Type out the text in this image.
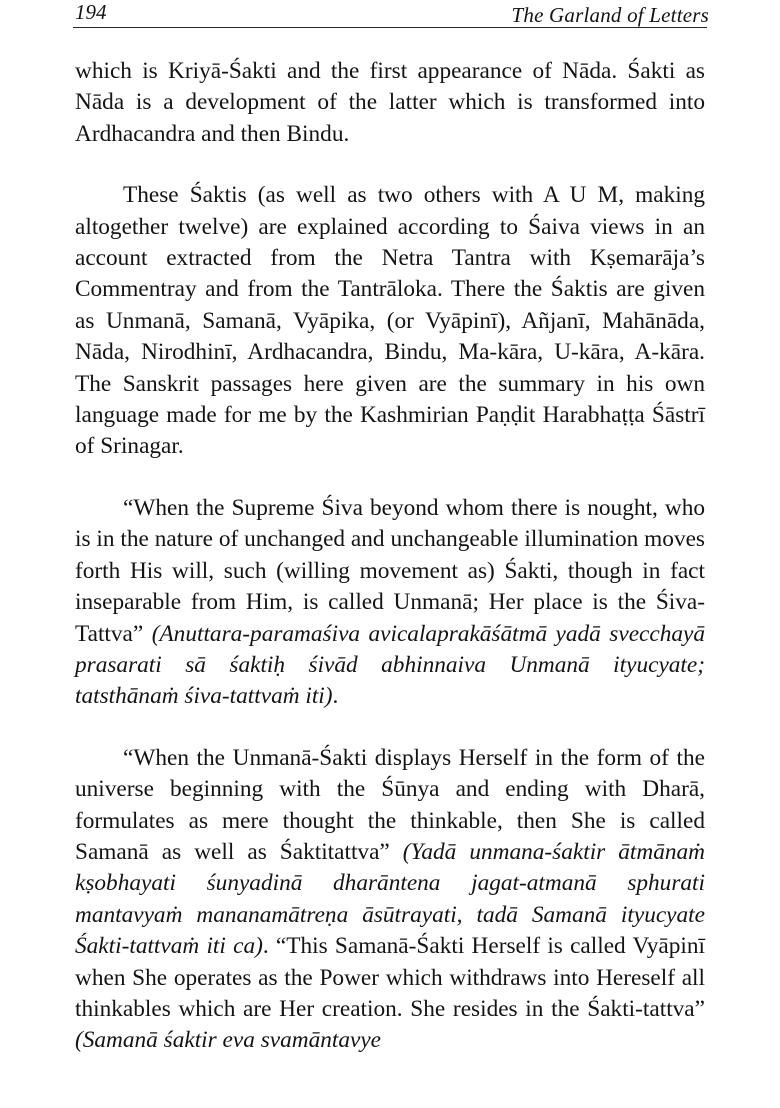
194	The Garland of Letters

which is Kriyā-Śakti and the first appearance of Nāda. Śakti as Nāda is a development of the latter which is transformed into Ardhacandra and then Bindu.

These Śaktis (as well as two others with A U M, making altogether twelve) are explained according to Śaiva views in an account extracted from the Netra Tantra with Kṣemarāja’s Commentray and from the Tantrāloka. There the Śaktis are given as Unmanā, Samanā, Vyāpika, (or Vyāpinī), Añjanī, Mahānāda, Nāda, Nirodhinī, Ardhacandra, Bindu, Ma-kāra, U-kāra, A-kāra. The Sanskrit passages here given are the summary in his own language made for me by the Kashmirian Paṇḍit Harabhaṭṭa Śāstrī of Srinagar.

“When the Supreme Śiva beyond whom there is nought, who is in the nature of unchanged and unchangeable illumination moves forth His will, such (willing movement as) Śakti, though in fact inseparable from Him, is called Unmanā; Her place is the Śiva-Tattva” (Anuttara-paramaśiva avicalaprakāśātmā yadā svecchayā prasarati sā śaktiḥ śivād abhinnaiva Unmanā ityucyate; tatsthānaṁ śiva-tattvaṁ iti).

“When the Unmanā-Śakti displays Herself in the form of the universe beginning with the Śūnya and ending with Dharā, formulates as mere thought the thinkable, then She is called Samanā as well as Śaktitattva” (Yadā unmana-śaktir ātmānaṁ kṣobhayati śunyadinā dharāntena jagat-atmanā sphurati mantavyaṁ mananamātreṇa āsūtrayati, tadā Samanā ityucyate Śakti-tattvaṁ iti ca). “This Samanā-Śakti Herself is called Vyāpinī when She operates as the Power which withdraws into Hereself all thinkables which are Her creation. She resides in the Śakti-tattva” (Samanā śaktir eva svamāntavye
